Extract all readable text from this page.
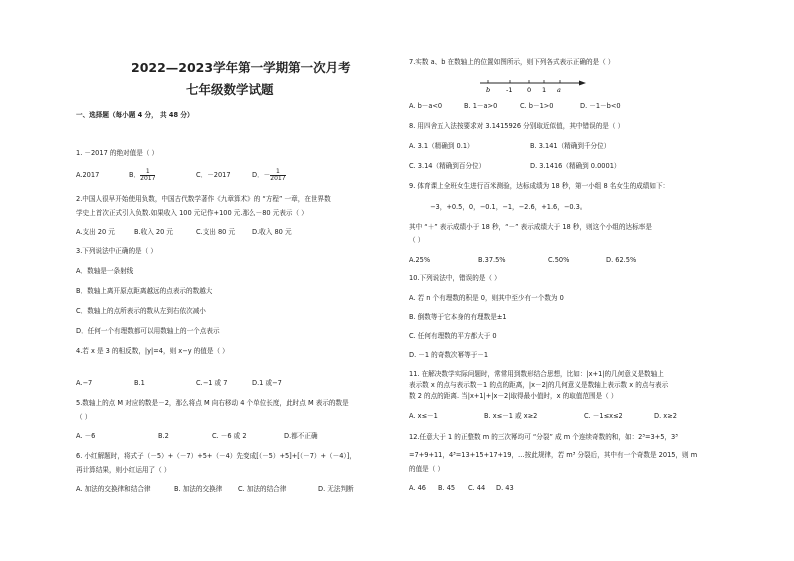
2022—2023学年第一学期第一次月考
七年级数学试题
一、选择题（每小题 4 分， 共 48 分）
1. －2017 的绝对值是（ ）
A.2017	B． $\frac{1}{2017}$	C．－2017	D．－ $\frac{1}{2017}$
2.中国人很早开始使用负数，中国古代数学著作《九章算术》的 “方程” 一章，在世界数
学史上首次正式引入负数.如果收入 100 元记作+100 元.那么－80 元表示（ ）
A.支出 20 元	B.收入 20 元	C.支出 80 元	D.收入 80 元
3.下列说法中正确的是（ ）
A．数轴是一条射线
B．数轴上离开原点距离越远的点表示的数越大
C．数轴上的点所表示的数从左到右依次减小
D．任何一个有理数都可以用数轴上的一个点表示
4.若 x 是 3 的相反数，|y|=4，则 x−y 的值是（ ）
A.−7	B.1	C.−1 或 7	D.1 或−7
5.数轴上的点 M 对应的数是－2，那么将点 M 向右移动 4 个单位长度，此时点 M 表示的数是
（ ）
A. －6	B.2	C. －6 或 2	D.都不正确
6. 小红解题时，将式子（－5）+（－7）+5+（－4）先变成[（－5）+5]+[（－7）+（－4）]，
再计算结果，则小红运用了（ ）
A. 加法的交换律和结合律	B. 加法的交换律 C. 加法的结合律	D. 无法判断
7.实数 a、b 在数轴上的位置如图所示，则下列各式表示正确的是（ ）
b -1 0 1 a
A. b－a<0	B. 1－a>0	C. b－1>0	D. －1－b<0
8. 用四舍五入法按要求对 3.1415926 分别取近似值，其中错误的是（ ）
A. 3.1（精确到 0.1）	B. 3.141（精确到千分位）
C. 3.14（精确到百分位）	D. 3.1416（精确到 0.0001）
9. 体育课上全班女生进行百米测验，达标成绩为 18 秒，第一小组 8 名女生的成绩如下：
−3，+0.5，0，−0.1，−1，−2.6，+1.6，−0.3。
其中 “＋” 表示成绩小于 18 秒，“－” 表示成绩大于 18 秒，则这个小组的达标率是
（ ）
A.25%	B.37.5%	C.50%	D. 62.5%
10.下列说法中，错误的是（ ）
A. 若 n 个有理数的积是 0，则其中至少有一个数为 0
B. 倒数等于它本身的有理数是±1
C. 任何有理数的平方都大于 0
D. －1 的奇数次幂等于－1
11. 在解决数学实际问题时，常常用到数形结合思想，比如：|x+1|的几何意义是数轴上
表示数 x 的点与表示数－1 的点的距离，|x－2|的几何意义是数轴上表示数 x 的点与表示
数 2 的点的距离. 当|x+1|+|x－2|取得最小值时，x 的取值范围是（ ）
A. x≤－1	B. x≤－1 或 x≥2	C. －1≤x≤2	D. x≥2
12.任意大于 1 的正整数 m 的三次幂均可 “分裂” 成 m 个连续奇数的和，如：2³=3+5，3³
=7+9+11，4³=13+15+17+19，…按此规律，若 m³ 分裂后，其中有一个奇数是 2015，则 m
的值是（ ）
A. 46 B. 45 C. 44 D. 43
